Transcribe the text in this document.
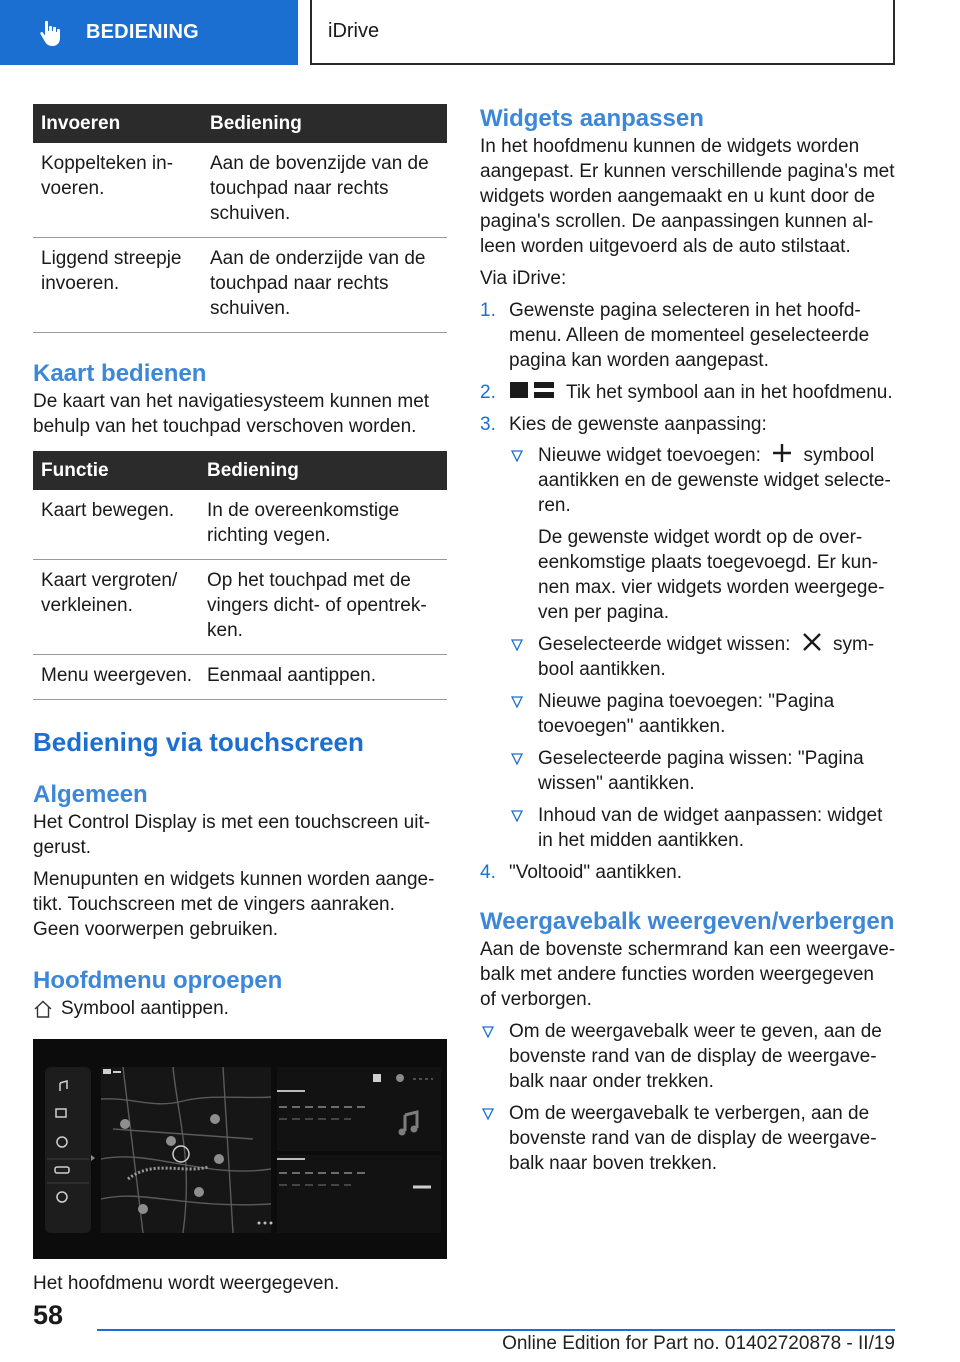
BEDIENING	iDrive
Invoeren	Bediening
Koppelteken in-
voeren.	Aan de bovenzijde van de
touchpad naar rechts
schuiven.
Liggend streepje
invoeren.	Aan de onderzijde van de
touchpad naar rechts
schuiven.
Kaart bedienen

De kaart van het navigatiesysteem kunnen met
behulp van het touchpad verschoven worden.

Functie	Bediening
Kaart bewegen.	In de overeenkomstige
richting vegen.
Kaart vergroten/
verkleinen.	Op het touchpad met de
vingers dicht- of opentrek-
ken.
Menu weergeven.	Eenmaal aantippen.
Bediening via touchscreen
Algemeen

Het Control Display is met een touchscreen uit-
gerust.

Menupunten en widgets kunnen worden aange-
tikt. Touchscreen met de vingers aanraken.
Geen voorwerpen gebruiken.

Hoofdmenu oproepen
Symbool aantippen.

Het hoofdmenu wordt weergegeven.

Widgets aanpassen

In het hoofdmenu kunnen de widgets worden
aangepast. Er kunnen verschillende pagina's met
widgets worden aangemaakt en u kunt door de
pagina's scrollen. De aanpassingen kunnen al-
leen worden uitgevoerd als de auto stilstaat.

Via iDrive:

1. Gewenste pagina selecteren in het hoofd-
menu. Alleen de momenteel geselecteerde
pagina kan worden aangepast.
2.	Tik het symbool aan in het hoofdmenu.
3. Kies de gewenste aanpassing:
Nieuwe widget toevoegen: symbool
aantikken en de gewenste widget selecte-
ren.

De gewenste widget wordt op de over-
eenkomstige plaats toegevoegd. Er kun-
nen max. vier widgets worden weergege-
ven per pagina.

Geselecteerde widget wissen: sym-
bool aantikken.
Nieuwe pagina toevoegen: "Pagina
toevoegen" aantikken.
Geselecteerde pagina wissen: "Pagina
wissen" aantikken.
Inhoud van de widget aanpassen: widget
in het midden aantikken.
4. "Voltooid" aantikken.
Weergavebalk weergeven/verbergen

Aan de bovenste schermrand kan een weergave-
balk met andere functies worden weergegeven
of verborgen.

Om de weergavebalk weer te geven, aan de
bovenste rand van de display de weergave-
balk naar onder trekken.
Om de weergavebalk te verbergen, aan de
bovenste rand van de display de weergave-
balk naar boven trekken.
58
Online Edition for Part no. 01402720878 - II/19
